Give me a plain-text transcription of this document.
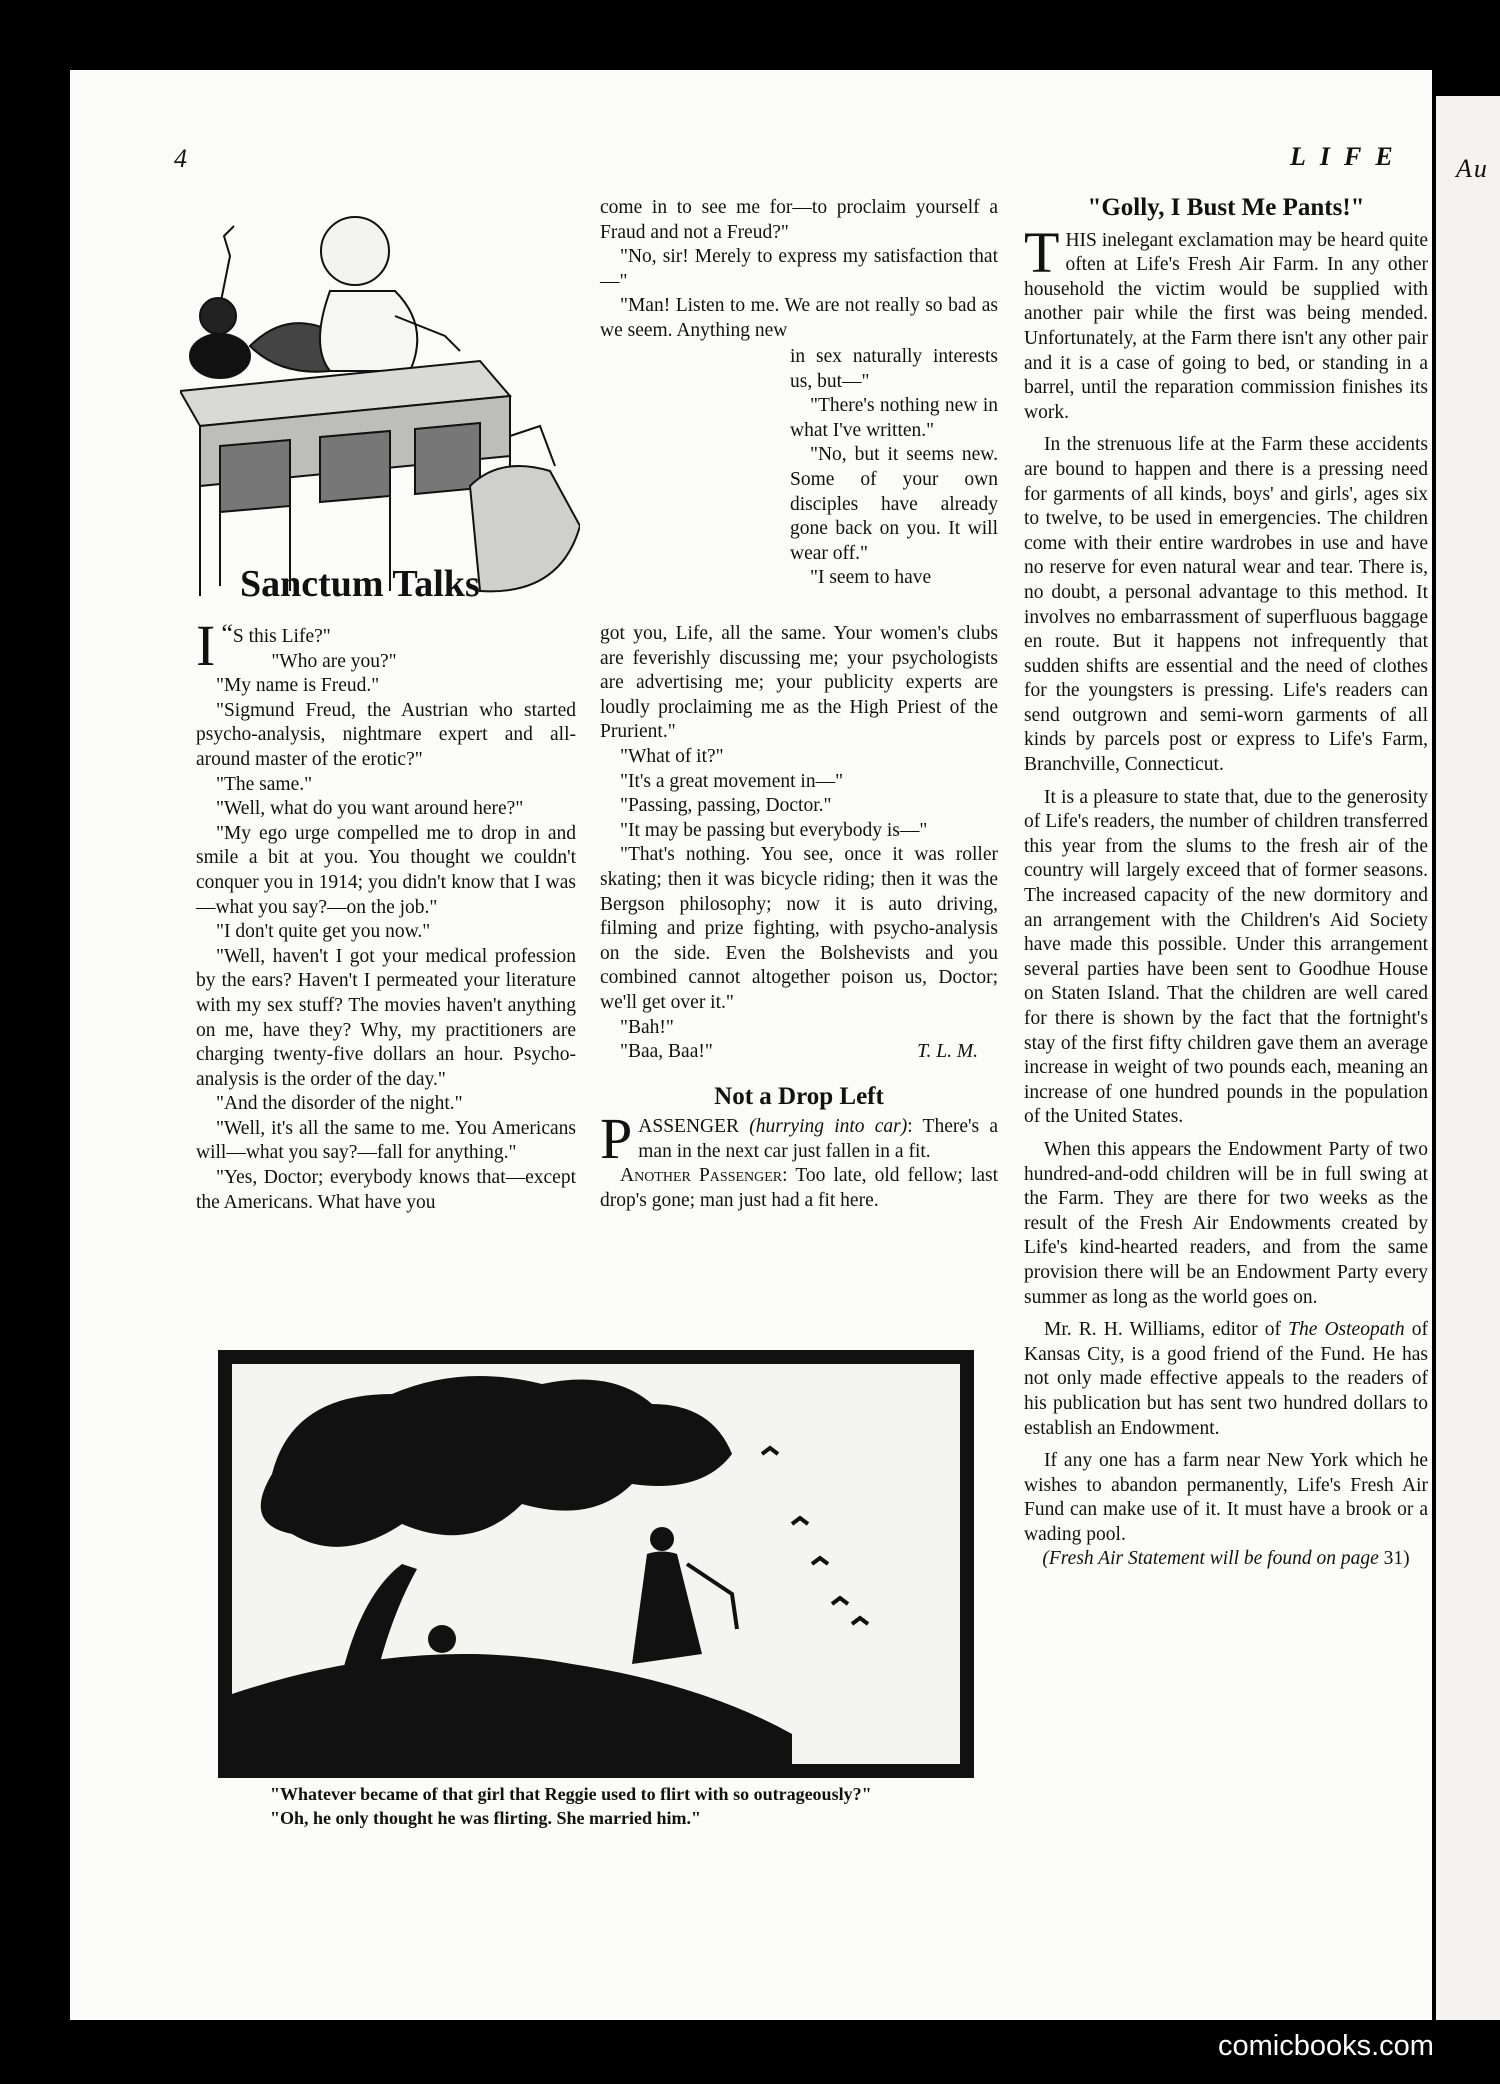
Au
4	LIFE
Sanctum Talks

“
I S this Life?"

"Who are you?"

"My name is Freud."

"Sigmund Freud, the Austrian who started psycho-analysis, nightmare expert and all-around master of the erotic?"

"The same."

"Well, what do you want around here?"

"My ego urge compelled me to drop in and smile a bit at you. You thought we couldn't conquer you in 1914; you didn't know that I was—what you say?—on the job."

"I don't quite get you now."

"Well, haven't I got your medical profession by the ears? Haven't I permeated your literature with my sex stuff? The movies haven't anything on me, have they? Why, my practitioners are charging twenty-five dollars an hour. Psycho-analysis is the order of the day."

"And the disorder of the night."

"Well, it's all the same to me. You Americans will—what you say?—fall for anything."

"Yes, Doctor; everybody knows that—except the Americans. What have you

come in to see me for—to proclaim yourself a Fraud and not a Freud?"

"No, sir! Merely to express my satisfaction that—"

"Man! Listen to me. We are not really so bad as we seem. Anything new

in sex naturally interests us, but—"

"There's nothing new in what I've written."

"No, but it seems new. Some of your own disciples have already gone back on you. It will wear off."

"I seem to have

got you, Life, all the same. Your women's clubs are feverishly discussing me; your psychologists are advertising me; your publicity experts are loudly proclaiming me as the High Priest of the Prurient."

"What of it?"

"It's a great movement in—"

"Passing, passing, Doctor."

"It may be passing but everybody is—"

"That's nothing. You see, once it was roller skating; then it was bicycle riding; then it was the Bergson philosophy; now it is auto driving, filming and prize fighting, with psycho-analysis on the side. Even the Bolshevists and you combined cannot altogether poison us, Doctor; we'll get over it."

"Bah!"

"Baa, Baa!"	T. L. M.

Not a Drop Left

PASSENGER (hurrying into car): There's a man in the next car just fallen in a fit.

Another Passenger: Too late, old fellow; last drop's gone; man just had a fit here.

"Golly, I Bust Me Pants!"

THIS inelegant exclamation may be heard quite often at Life's Fresh Air Farm. In any other household the victim would be supplied with another pair while the first was being mended. Unfortunately, at the Farm there isn't any other pair and it is a case of going to bed, or standing in a barrel, until the reparation commission finishes its work.

In the strenuous life at the Farm these accidents are bound to happen and there is a pressing need for garments of all kinds, boys' and girls', ages six to twelve, to be used in emergencies. The children come with their entire wardrobes in use and have no reserve for even natural wear and tear. There is, no doubt, a personal advantage to this method. It involves no embarrassment of superfluous baggage en route. But it happens not infrequently that sudden shifts are essential and the need of clothes for the youngsters is pressing. Life's readers can send outgrown and semi-worn garments of all kinds by parcels post or express to Life's Farm, Branchville, Connecticut.

It is a pleasure to state that, due to the generosity of Life's readers, the number of children transferred this year from the slums to the fresh air of the country will largely exceed that of former seasons. The increased capacity of the new dormitory and an arrangement with the Children's Aid Society have made this possible. Under this arrangement several parties have been sent to Goodhue House on Staten Island. That the children are well cared for there is shown by the fact that the fortnight's stay of the first fifty children gave them an average increase in weight of two pounds each, meaning an increase of one hundred pounds in the population of the United States.

When this appears the Endowment Party of two hundred-and-odd children will be in full swing at the Farm. They are there for two weeks as the result of the Fresh Air Endowments created by Life's kind-hearted readers, and from the same provision there will be an Endowment Party every summer as long as the world goes on.

Mr. R. H. Williams, editor of The Osteopath of Kansas City, is a good friend of the Fund. He has not only made effective appeals to the readers of his publication but has sent two hundred dollars to establish an Endowment.

If any one has a farm near New York which he wishes to abandon permanently, Life's Fresh Air Fund can make use of it. It must have a brook or a wading pool.

(Fresh Air Statement will be found on page 31)

"Whatever became of that girl that Reggie used to flirt with so outrageously?"
"Oh, he only thought he was flirting. She married him."
comicbooks.com
